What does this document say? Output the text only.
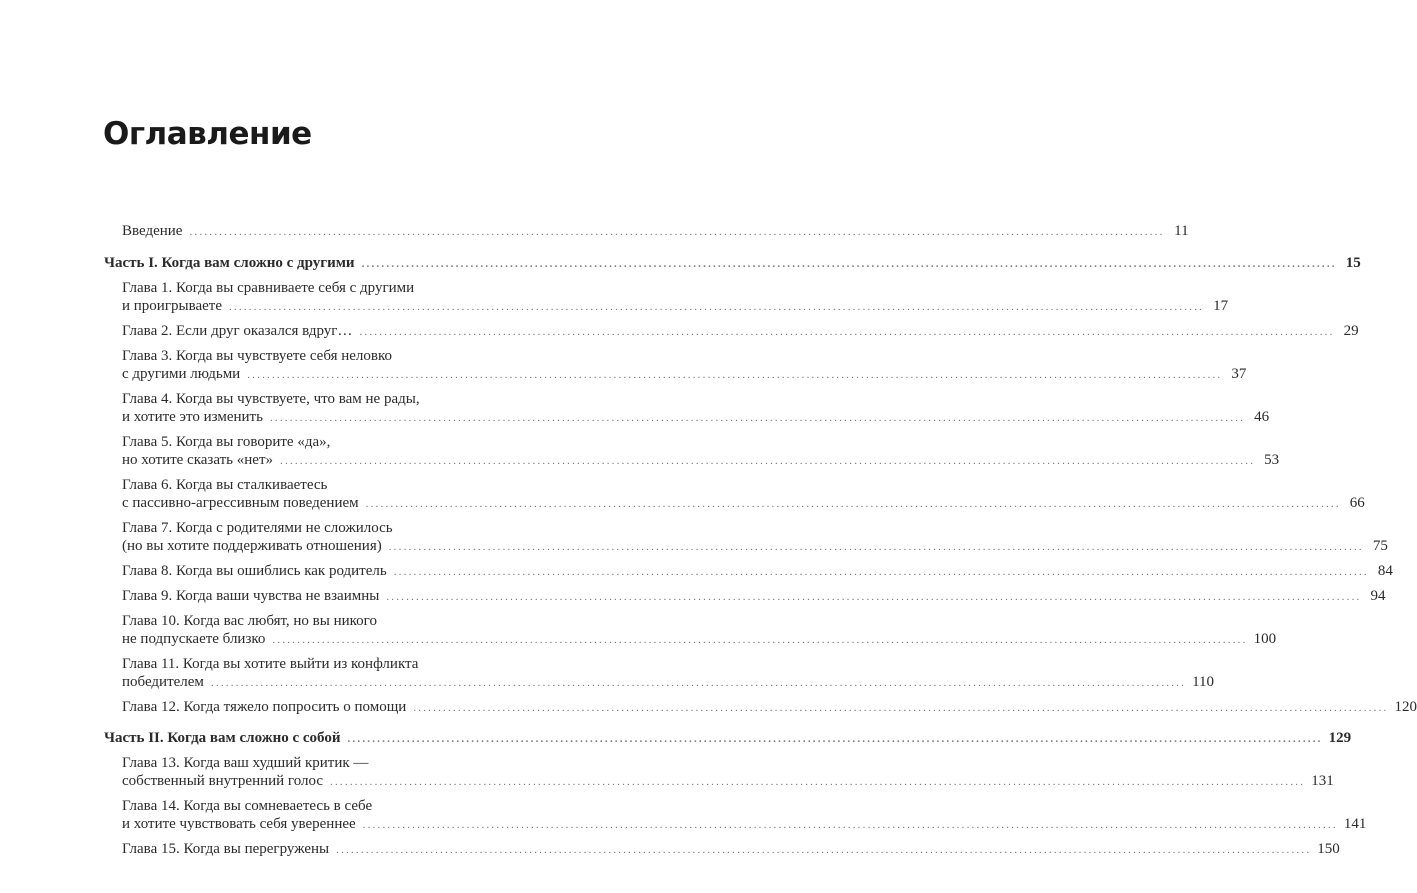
Оглавление
Введение .....	11
Часть I. Когда вам сложно с другими .....	15
Глава 1. Когда вы сравниваете себя с другими
и проигрываете .....	17
Глава 2. Если друг оказался вдруг… .....	29
Глава 3. Когда вы чувствуете себя неловко
с другими людьми .....	37
Глава 4. Когда вы чувствуете, что вам не рады,
и хотите это изменить .....	46
Глава 5. Когда вы говорите «да»,
но хотите сказать «нет» .....	53
Глава 6. Когда вы сталкиваетесь
с пассивно-агрессивным поведением .....	66
Глава 7. Когда с родителями не сложилось
(но вы хотите поддерживать отношения) .....	75
Глава 8. Когда вы ошиблись как родитель .....	84
Глава 9. Когда ваши чувства не взаимны .....	94
Глава 10. Когда вас любят, но вы никого
не подпускаете близко .....	100
Глава 11. Когда вы хотите выйти из конфликта
победителем .....	110
Глава 12. Когда тяжело попросить о помощи .....	120
Часть II. Когда вам сложно с собой .....	129
Глава 13. Когда ваш худший критик —
собственный внутренний голос .....	131
Глава 14. Когда вы сомневаетесь в себе
и хотите чувствовать себя увереннее .....	141
Глава 15. Когда вы перегружены .....	150
